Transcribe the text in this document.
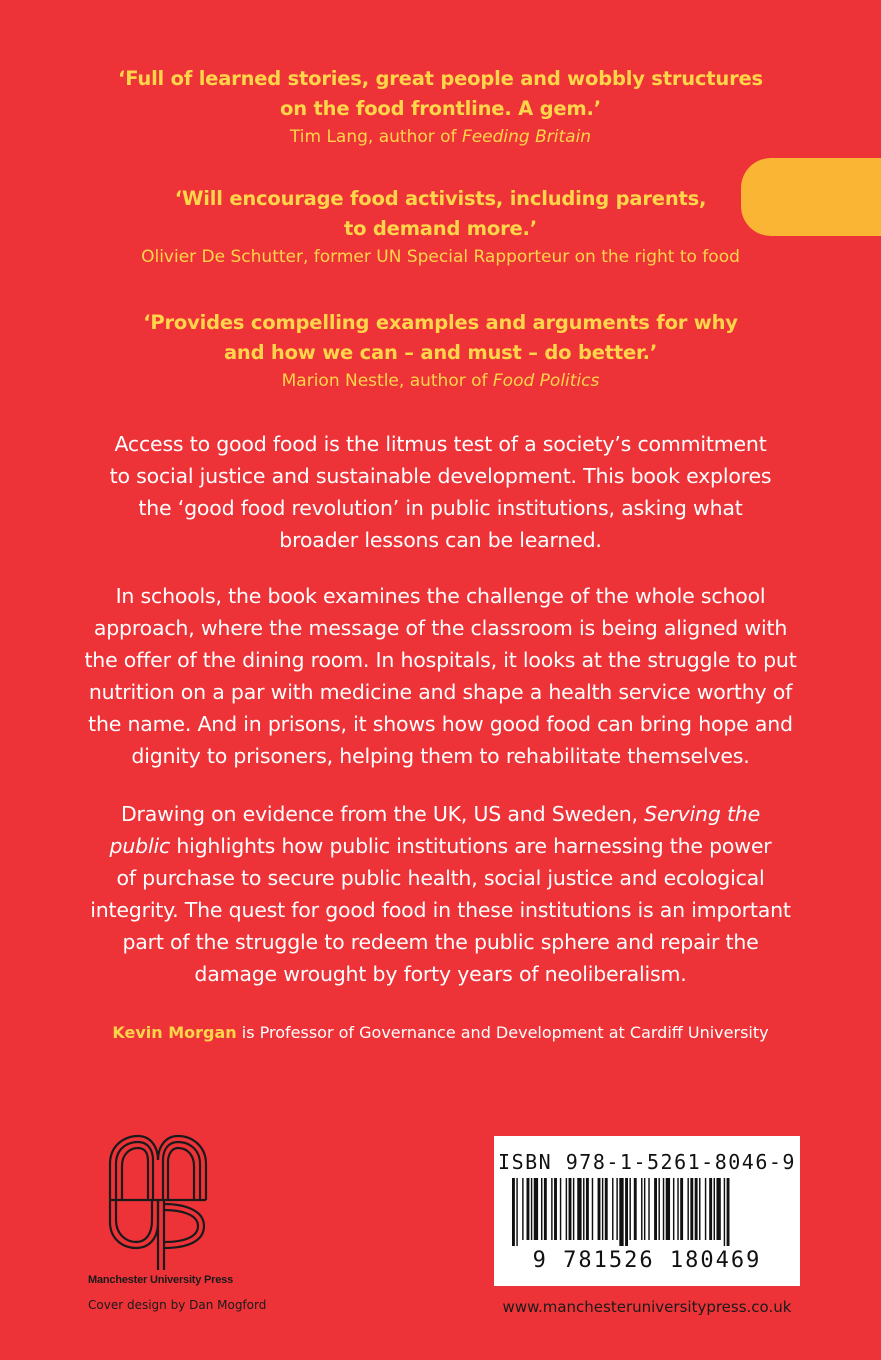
‘Full of learned stories, great people and wobbly structures
on the food frontline. A gem.’
Tim Lang, author of Feeding Britain
‘Will encourage food activists, including parents,
to demand more.’
Olivier De Schutter, former UN Special Rapporteur on the right to food
‘Provides compelling examples and arguments for why
and how we can – and must – do better.’
Marion Nestle, author of Food Politics
Access to good food is the litmus test of a society’s commitment
to social justice and sustainable development. This book explores
the ‘good food revolution’ in public institutions, asking what
broader lessons can be learned.
In schools, the book examines the challenge of the whole school
approach, where the message of the classroom is being aligned with
the offer of the dining room. In hospitals, it looks at the struggle to put
nutrition on a par with medicine and shape a health service worthy of
the name. And in prisons, it shows how good food can bring hope and
dignity to prisoners, helping them to rehabilitate themselves.
Drawing on evidence from the UK, US and Sweden, Serving the
public highlights how public institutions are harnessing the power
of purchase to secure public health, social justice and ecological
integrity. The quest for good food in these institutions is an important
part of the struggle to redeem the public sphere and repair the
damage wrought by forty years of neoliberalism.
Kevin Morgan is Professor of Governance and Development at Cardiff University
Manchester University Press
Cover design by Dan Mogford
ISBN 978-1-5261-8046-9
9 781526 180469
www.manchesteruniversitypress.co.uk
